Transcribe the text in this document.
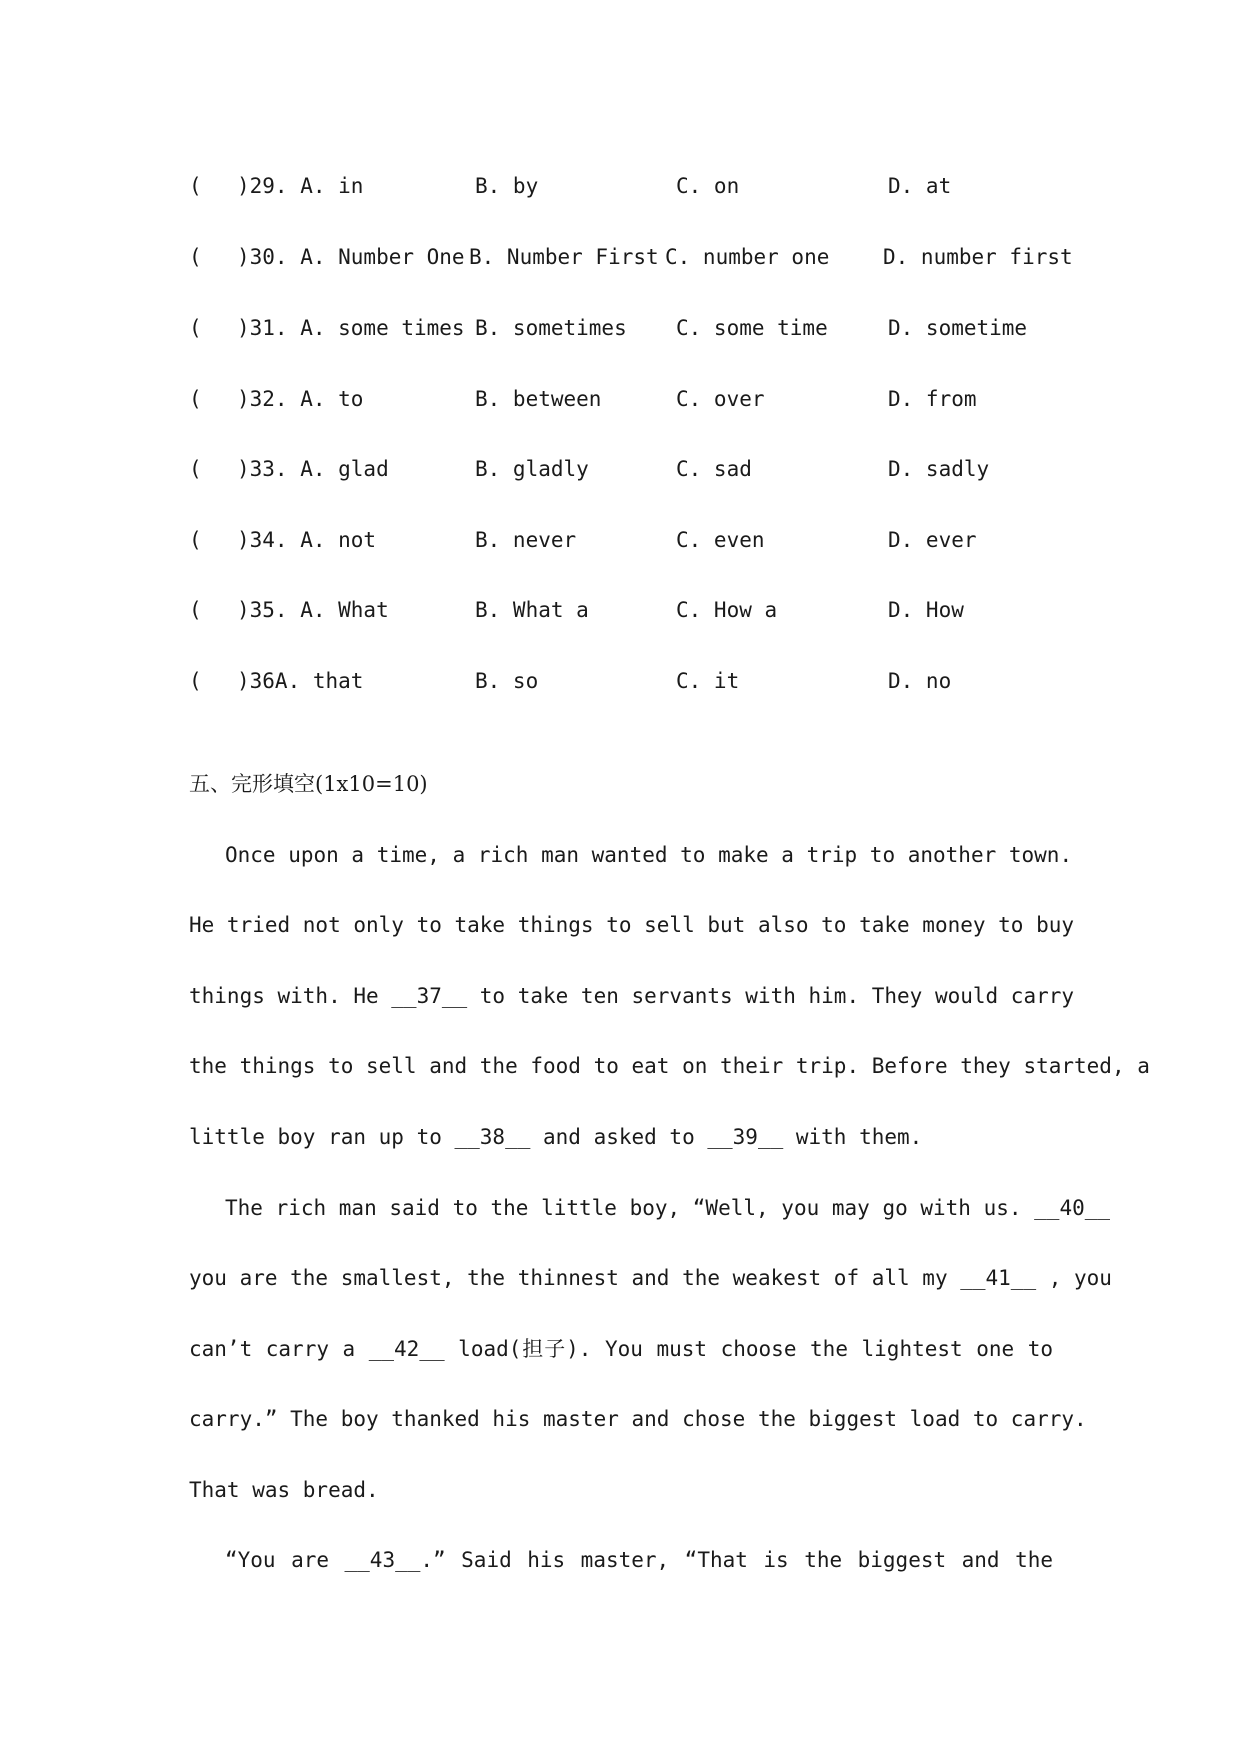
( )29. A. in	B. by	C. on	D. at
( )30. A. Number One B. Number First C. number one	D. number first
( )31. A. some times B. sometimes C. some time	D. sometime
( )32. A. to	B. between	C. over	D. from
( )33. A. glad	B. gladly	C. sad	D. sadly
( )34. A. not	B. never	C. even	D. ever
( )35. A. What	B. What a	C. How a	D. How
( )36A. that	B. so	C. it	D. no
五、完形填空(1x10=10)
Once upon a time, a rich man wanted to make a trip to another town.
He tried not only to take things to sell but also to take money to buy
things with. He __37__ to take ten servants with him. They would carry
the things to sell and the food to eat on their trip. Before they started, a
little boy ran up to __38__ and asked to __39__ with them.
The rich man said to the little boy, “Well, you may go with us. __40__
you are the smallest, the thinnest and the weakest of all my __41__ , you
can’t carry a __42__ load(担子). You must choose the lightest one to
carry.” The boy thanked his master and chose the biggest load to carry.
That was bread.
“You are __43__.” Said his master, “That is the biggest and the
